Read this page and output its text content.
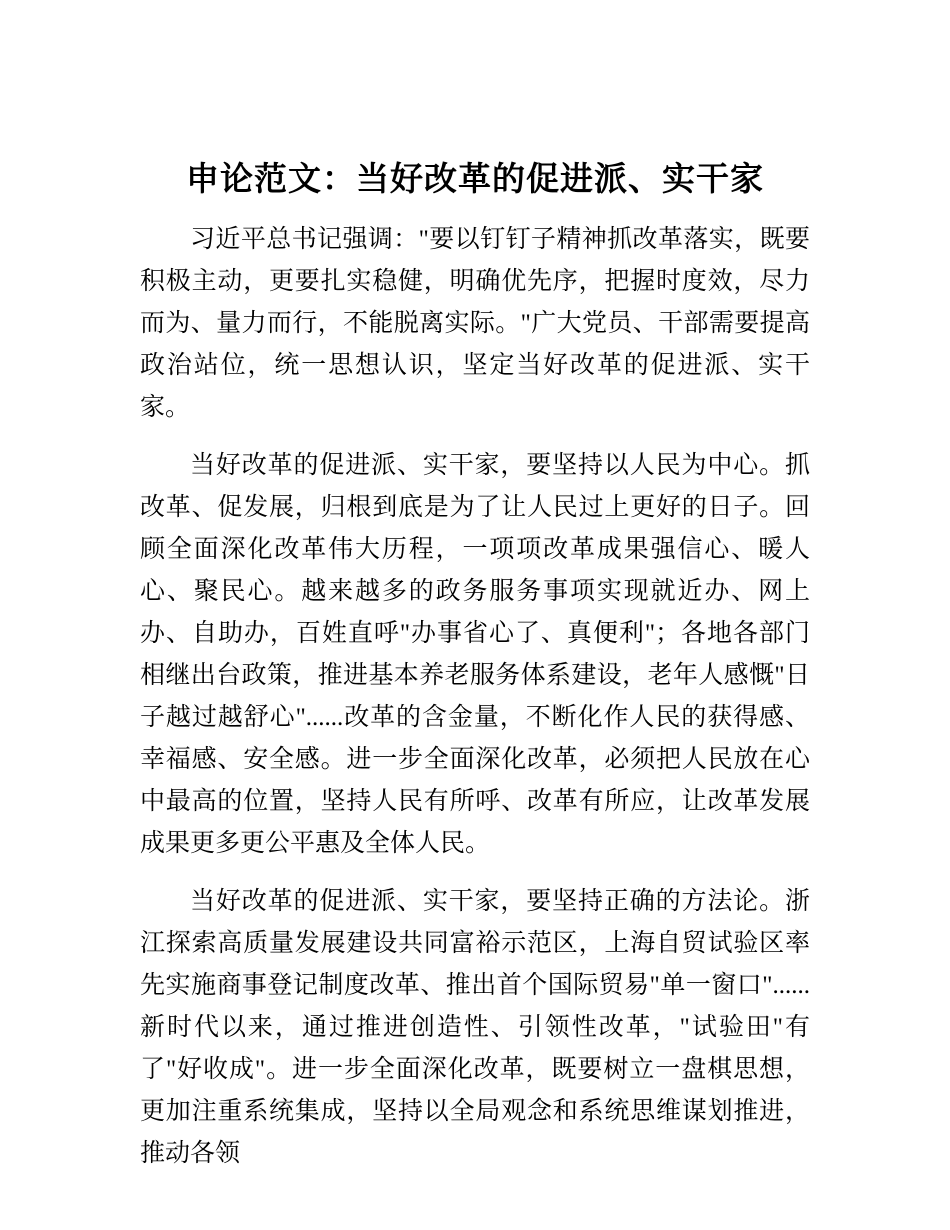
申论范文：当好改革的促进派、实干家

习近平总书记强调："要以钉钉子精神抓改革落实，既要积极主动，更要扎实稳健，明确优先序，把握时度效，尽力而为、量力而行，不能脱离实际。"广大党员、干部需要提高政治站位，统一思想认识，坚定当好改革的促进派、实干家。

当好改革的促进派、实干家，要坚持以人民为中心。抓改革、促发展，归根到底是为了让人民过上更好的日子。回顾全面深化改革伟大历程，一项项改革成果强信心、暖人心、聚民心。越来越多的政务服务事项实现就近办、网上办、自助办，百姓直呼"办事省心了、真便利"；各地各部门相继出台政策，推进基本养老服务体系建设，老年人感慨"日子越过越舒心"......改革的含金量，不断化作人民的获得感、幸福感、安全感。进一步全面深化改革，必须把人民放在心中最高的位置，坚持人民有所呼、改革有所应，让改革发展成果更多更公平惠及全体人民。

当好改革的促进派、实干家，要坚持正确的方法论。浙江探索高质量发展建设共同富裕示范区，上海自贸试验区率先实施商事登记制度改革、推出首个国际贸易"单一窗口"......新时代以来，通过推进创造性、引领性改革，"试验田"有了"好收成"。进一步全面深化改革，既要树立一盘棋思想，更加注重系统集成，坚持以全局观念和系统思维谋划推进，推动各领
